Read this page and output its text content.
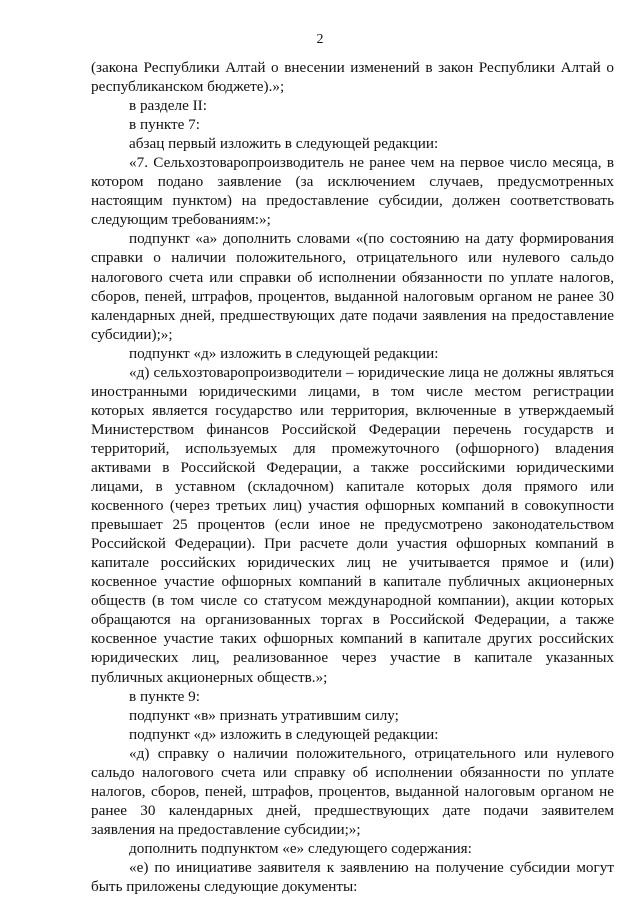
2
(закона Республики Алтай о внесении изменений в закон Республики Алтай о
республиканском бюджете).»;
в разделе II:
в пункте 7:
абзац первый изложить в следующей редакции:
«7. Сельхозтоваропроизводитель не ранее чем на первое число месяца, в
котором подано заявление (за исключением случаев, предусмотренных
настоящим пунктом) на предоставление субсидии, должен соответствовать
следующим требованиям:»;
подпункт «а» дополнить словами «(по состоянию на дату формирования
справки о наличии положительного, отрицательного или нулевого сальдо
налогового счета или справки об исполнении обязанности по уплате налогов,
сборов, пеней, штрафов, процентов, выданной налоговым органом не ранее 30
календарных дней, предшествующих дате подачи заявления на предоставление
субсидии);»;
подпункт «д» изложить в следующей редакции:
«д) сельхозтоваропроизводители – юридические лица не должны являться
иностранными юридическими лицами, в том числе местом регистрации
которых является государство или территория, включенные в утверждаемый
Министерством финансов Российской Федерации перечень государств и
территорий, используемых для промежуточного (офшорного) владения
активами в Российской Федерации, а также российскими юридическими
лицами, в уставном (складочном) капитале которых доля прямого или
косвенного (через третьих лиц) участия офшорных компаний в совокупности
превышает 25 процентов (если иное не предусмотрено законодательством
Российской Федерации). При расчете доли участия офшорных компаний в
капитале российских юридических лиц не учитывается прямое и (или)
косвенное участие офшорных компаний в капитале публичных акционерных
обществ (в том числе со статусом международной компании), акции которых
обращаются на организованных торгах в Российской Федерации, а также
косвенное участие таких офшорных компаний в капитале других российских
юридических лиц, реализованное через участие в капитале указанных
публичных акционерных обществ.»;
в пункте 9:
подпункт «в» признать утратившим силу;
подпункт «д» изложить в следующей редакции:
«д) справку о наличии положительного, отрицательного или нулевого
сальдо налогового счета или справку об исполнении обязанности по уплате
налогов, сборов, пеней, штрафов, процентов, выданной налоговым органом не
ранее 30 календарных дней, предшествующих дате подачи заявителем
заявления на предоставление субсидии;»;
дополнить подпунктом «е» следующего содержания:
«е) по инициативе заявителя к заявлению на получение субсидии могут
быть приложены следующие документы:
